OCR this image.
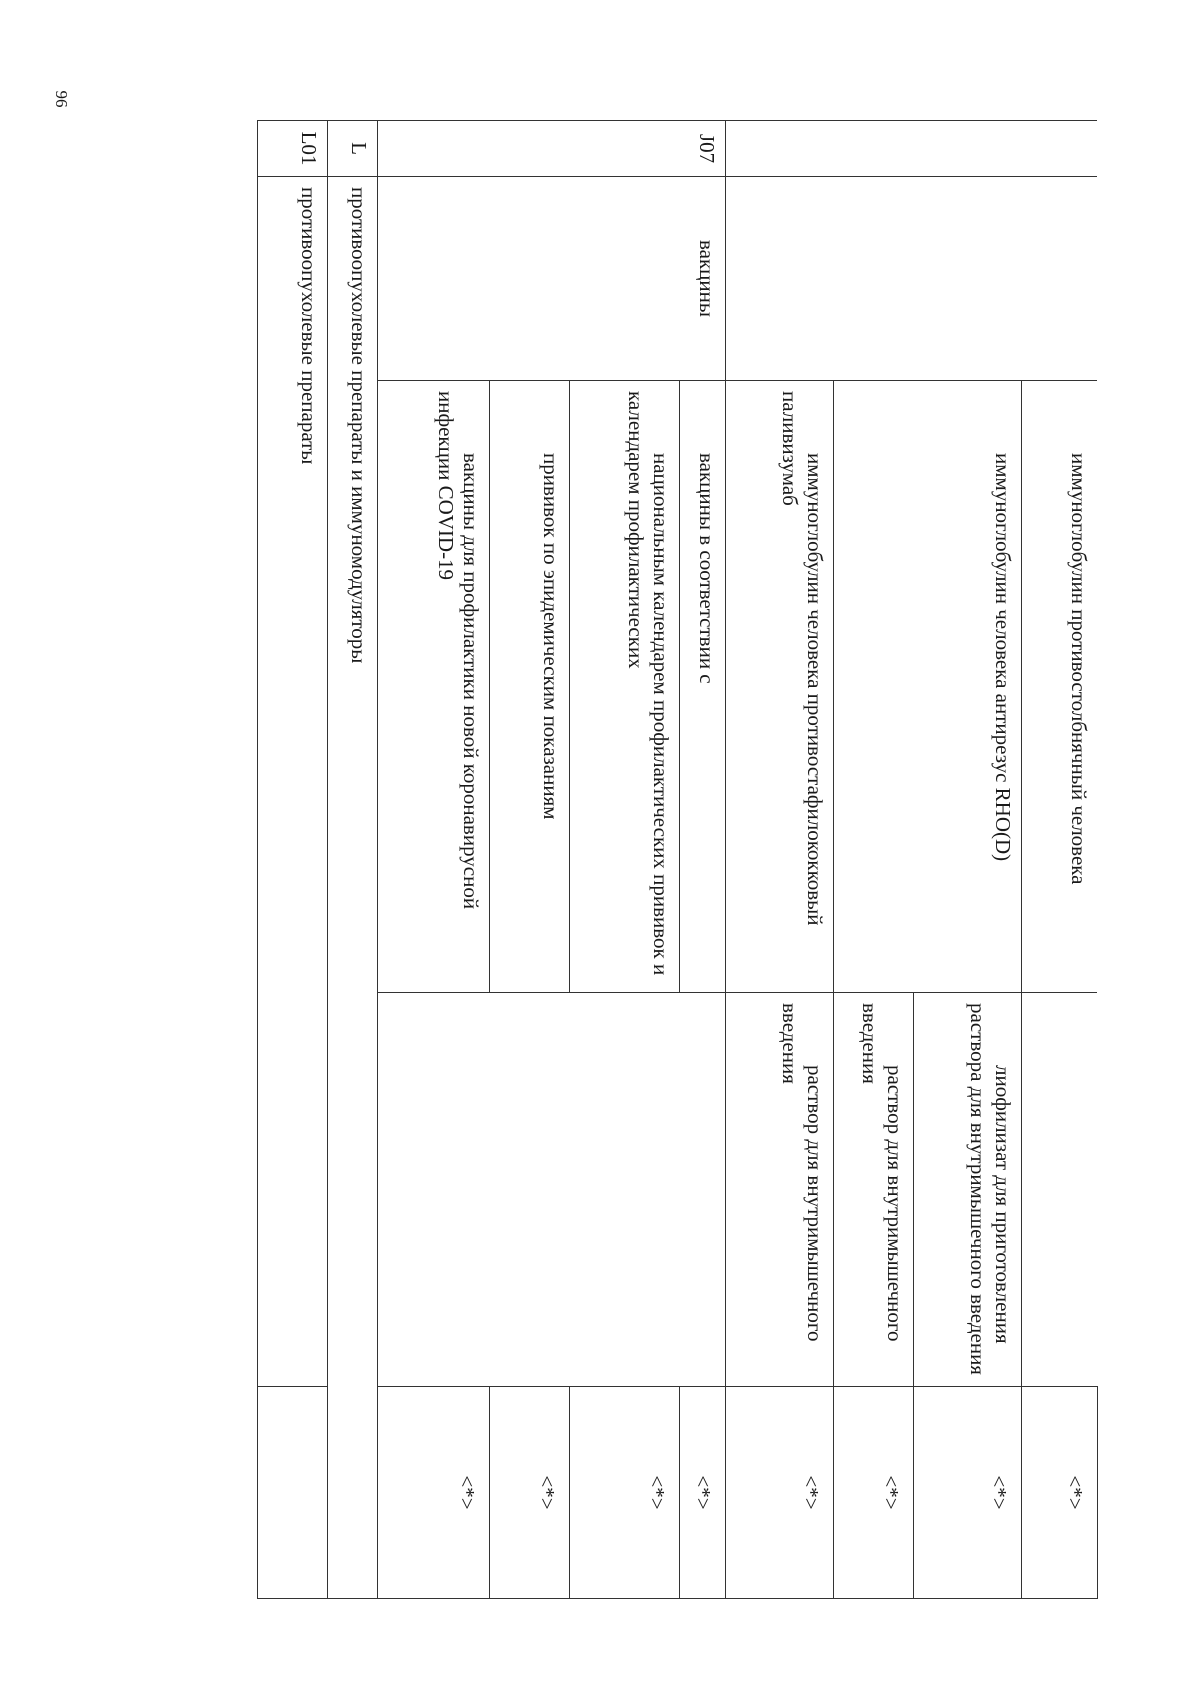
96
		иммуноглобулин противостолбнячный человека		<*>
		иммуноглобулин человека антирезус RHO(D)	лиофилизат для приготовления раствора для внутримышечного введения	<*>
			раствор для внутримышечного введения	<*>
		иммуноглобулин человека противостафилококковый паливизумаб	раствор для внутримышечного введения	<*>
J07	вакцины	вакцины в соответствии с		<*>
		национальным календарем профилактических прививок и календарем профилактических		<*>
		прививок по эпидемическим показаниям		<*>
		вакцины для профилактики новой коронавирусной инфекции COVID-19		<*>
L	противоопухолевые препараты и иммуномодуляторы			
L01	противоопухолевые препараты			
